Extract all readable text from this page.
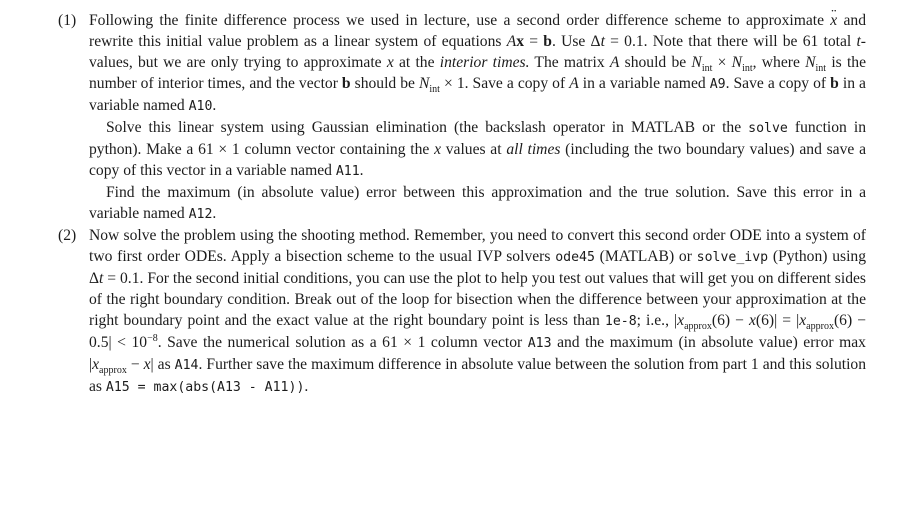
(1) Following the finite difference process we used in lecture, use a second order difference scheme to approximate x ¨ and rewrite this initial value problem as a linear system of equations Ax = b. Use Δt = 0.1. Note that there will be 61 total t-values, but we are only trying to approximate x at the interior times. The matrix A should be $N_{int} \times N_{int}$, where $N_{int}$ is the number of interior times, and the vector b should be $N_{int} \times 1$. Save a copy of A in a variable named A9. Save a copy of b in a variable named A10.

Solve this linear system using Gaussian elimination (the backslash operator in MATLAB or the solve function in python). Make a 61 × 1 column vector containing the x values at all times (including the two boundary values) and save a copy of this vector in a variable named A11.

Find the maximum (in absolute value) error between this approximation and the true solution. Save this error in a variable named A12.

(2) Now solve the problem using the shooting method. Remember, you need to convert this second order ODE into a system of two first order ODEs. Apply a bisection scheme to the usual IVP solvers ode45 (MATLAB) or solve_ivp (Python) using Δt = 0.1. For the second initial conditions, you can use the plot to help you test out values that will get you on different sides of the right boundary condition. Break out of the loop for bisection when the difference between your approximation at the right boundary point and the exact value at the right boundary point is less than 1e-8; i.e., $|x_{approx}(6) - x(6)| = |x_{approx}(6) - 0.5| < 10^{-8}$. Save the numerical solution as a 61 × 1 column vector A13 and the maximum (in absolute value) error $\max |x_{approx} - x|$ as A14. Further save the maximum difference in absolute value between the solution from part 1 and this solution as A15 = max(abs(A13 - A11)).
